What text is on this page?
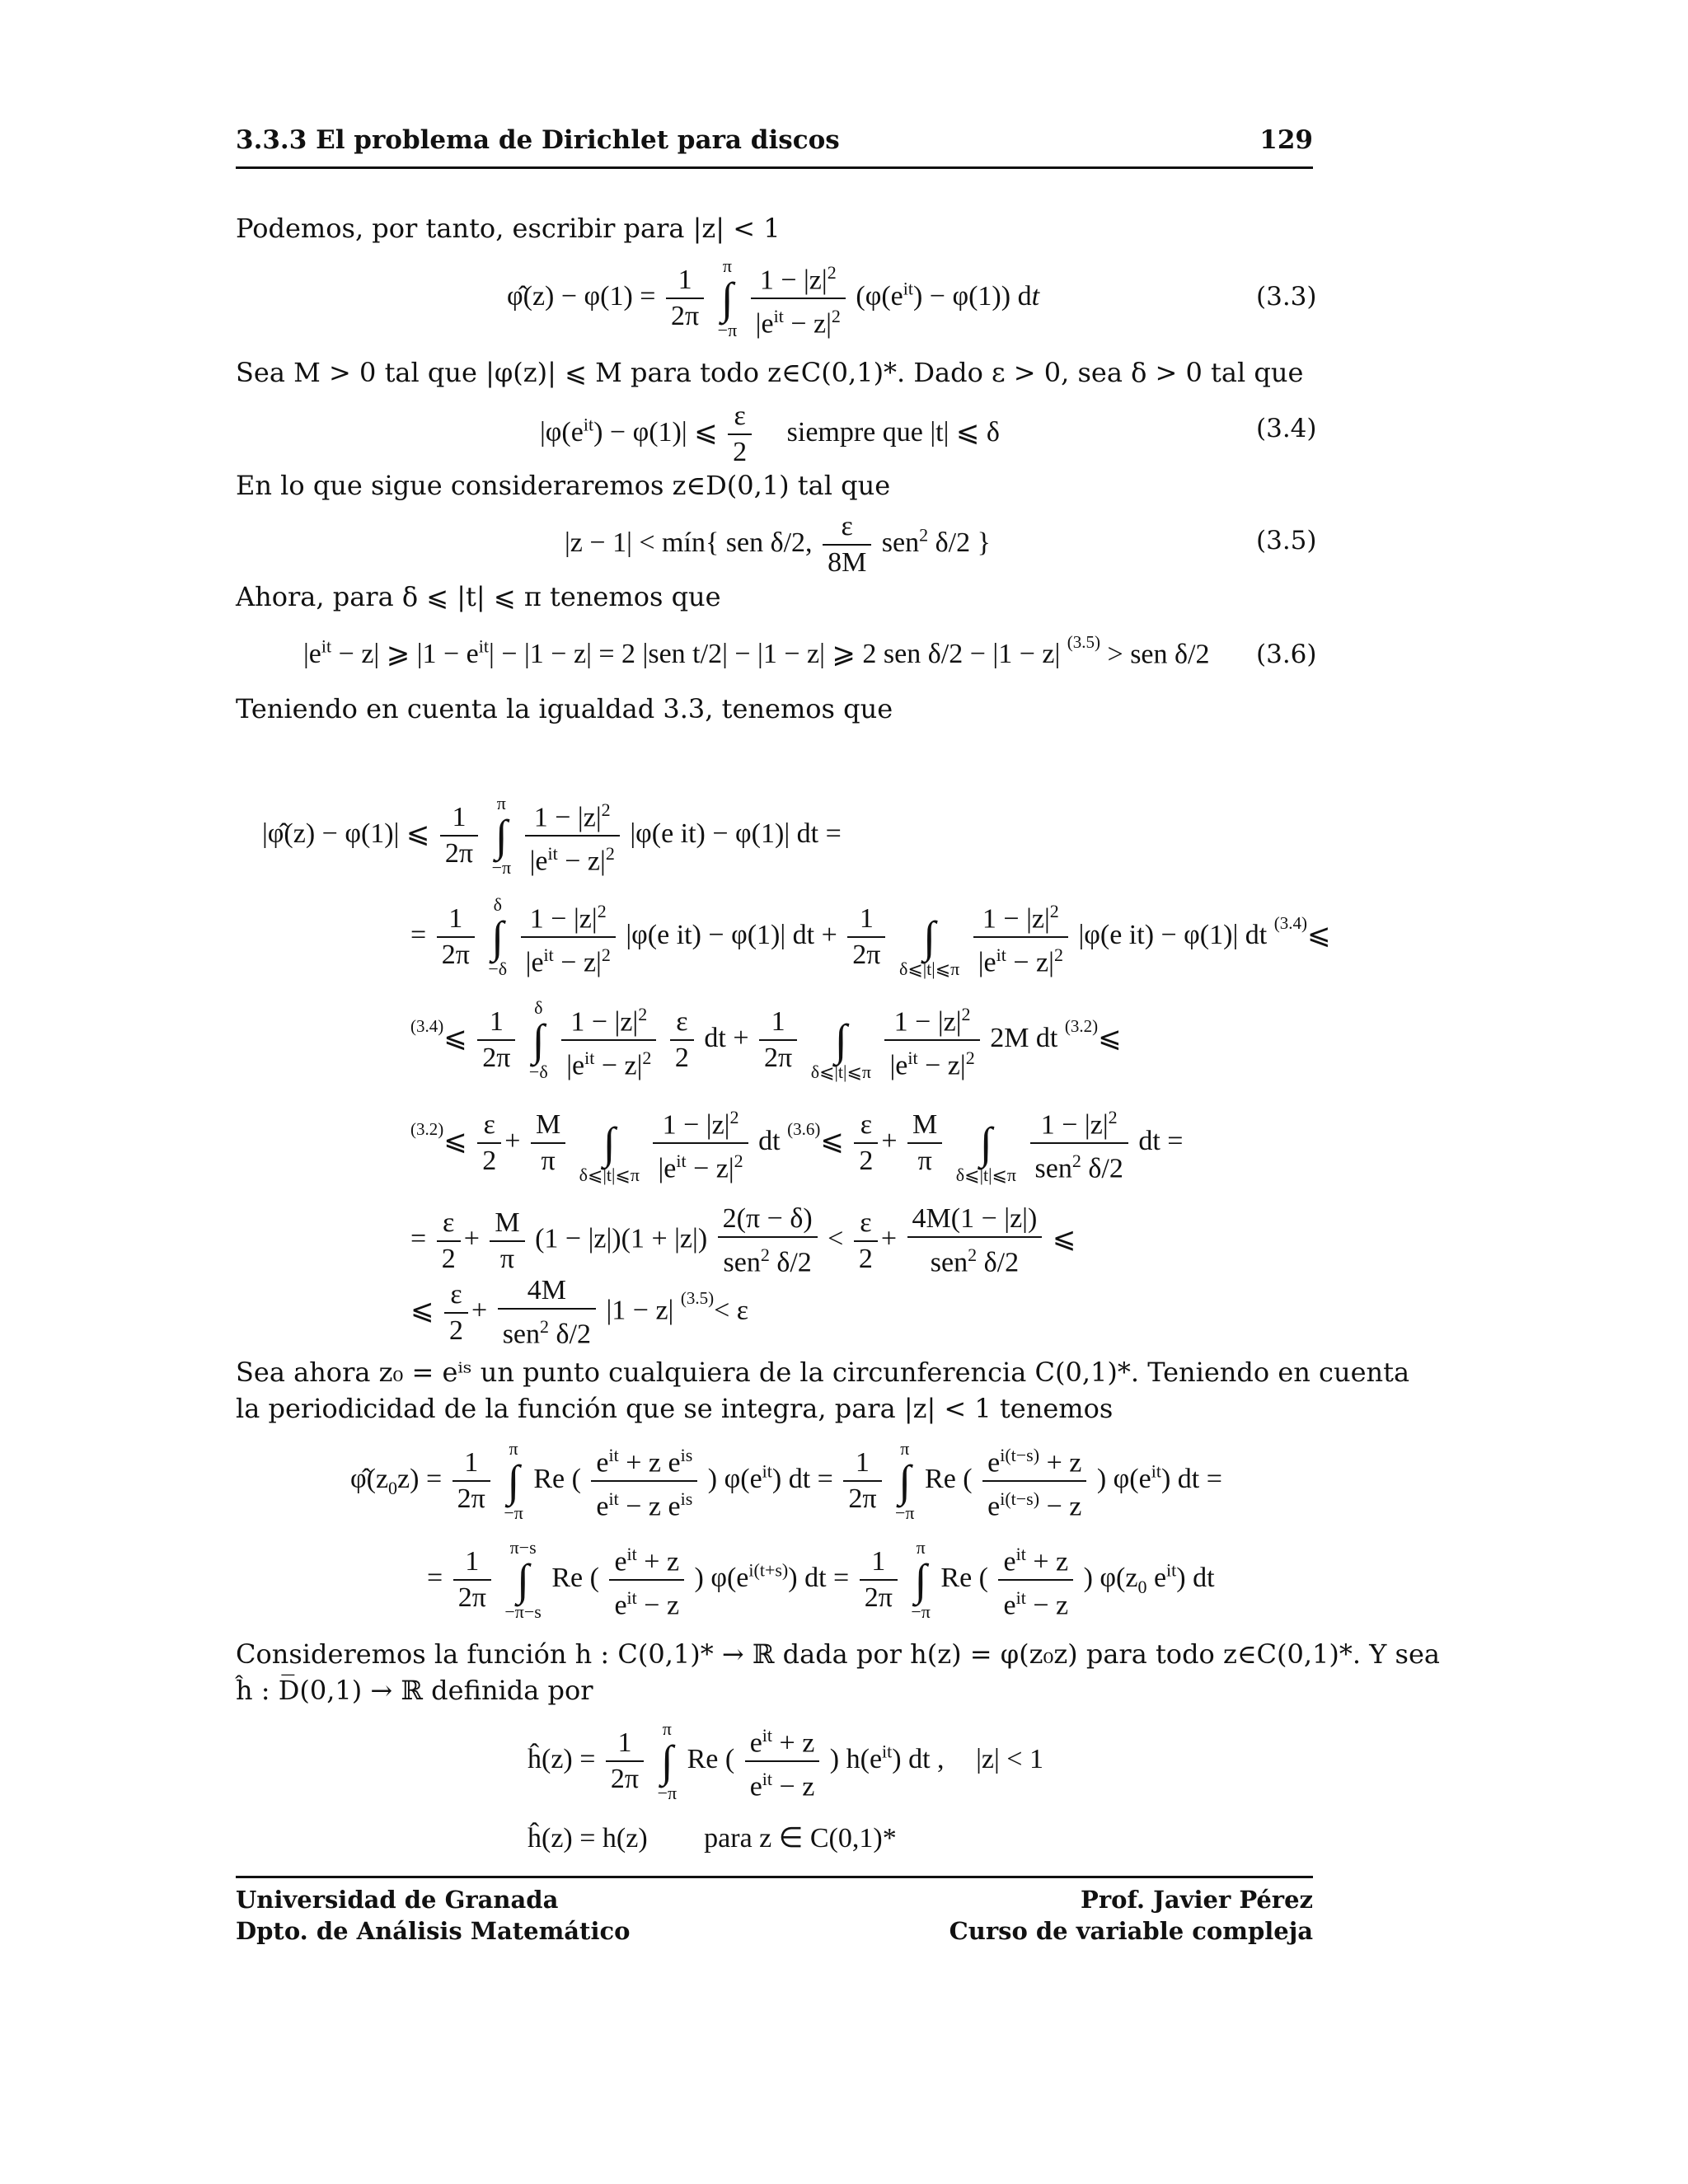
3.3.3 El problema de Dirichlet para discos	129
Podemos, por tanto, escribir para |z| < 1
φ̂(z) − $\varphi(1) = \frac{1}{2\pi}$
π
∫
−π
$\frac{1 - |z|^2}{|e^{it} - z|^2} (\varphi(e^{it}) - \varphi(1))$ dt	(3.3)
Sea M > 0 tal que |φ(z)| ⩽ M para todo z∈C(0,1)*. Dado ε > 0, sea δ > 0 tal que
$|\varphi(e^{it}) - \varphi(1)|$ ⩽ $\frac{\varepsilon}{2}$ siempre que |t| ⩽ δ	(3.4)
En lo que sigue consideraremos z∈D(0,1) tal que
|z − 1| < mín{ sen δ/2, $\frac{\varepsilon}{8M} sen^2$ δ/2 }	(3.5)
Ahora, para δ ⩽ |t| ⩽ π tenemos que
$|e^{it} - z|$ ⩾ $|1 - e^{it}| - |1 - z| = 2$ |sen t/2| − |1 − z| ⩾ 2 sen δ/2 − |1 − z| $^{(3.5)}$ > sen δ/2 (3.6)
Teniendo en cuenta la igualdad 3.3, tenemos que
|φ̂(z) − φ(1)| ⩽ $\frac{1}{2\pi}$
π
∫
−π
$\frac{1 - |z|^2}{|e^{it} - z|^2} |\varphi(e$ it) − φ(1)| dt =
= $\frac{1}{2\pi}$
δ
∫
−δ
$\frac{1 - |z|^2}{|e^{it} - z|^2} |\varphi(e$ it) − φ(1)| dt + $\frac{1}{2\pi}$

∫
δ⩽|t|⩽π
$\frac{1 - |z|^2}{|e^{it} - z|^2} |\varphi(e$ it) − φ(1)| dt $^{(3.4)}$⩽
$^{(3.4)}$⩽ $\frac{1}{2\pi}$
δ
∫
−δ
$\frac{1 - |z|^2}{|e^{it} - z|^2}$
$\frac{\varepsilon}{2}$ dt + $\frac{1}{2\pi}$

∫
δ⩽|t|⩽π
$\frac{1 - |z|^2}{|e^{it} - z|^2} 2M$ dt $^{(3.2)}$⩽
$^{(3.2)}$⩽ $\frac{\varepsilon}{2} + \frac{M}{\pi}$

∫
δ⩽|t|⩽π
$\frac{1 - |z|^2}{|e^{it} - z|^2}$ dt $^{(3.6)}$⩽ $\frac{\varepsilon}{2} + \frac{M}{\pi}$

∫
δ⩽|t|⩽π
$\frac{1 - |z|^2}{sen^2 \delta/2}$ dt =
= $\frac{\varepsilon}{2} + \frac{M}{\pi} (1 - |z|)(1 + |z|) \frac{2(\pi - \delta)}{sen^2 \delta/2} < \frac{\varepsilon}{2} + \frac{4M(1 - |z|)}{sen^2 \delta/2}$ ⩽
⩽ $\frac{\varepsilon}{2} + \frac{4M}{sen^2 \delta/2} |1 - z|$ $^{(3.5)}$< ε
Sea ahora z₀ = eⁱˢ un punto cualquiera de la circunferencia C(0,1)*. Teniendo en cuenta
la periodicidad de la función que se integra, para |z| < 1 tenemos
$\varphî(z_0z) = \frac{1}{2\pi}$
π
∫
−π
Re ( $\frac{e^{it} + z e^{is}}{e^{it} - z e^{is}}$ ) $\varphi(e^{it})$ dt = $\frac{1}{2\pi}$
π
∫
−π
Re ( $\frac{e^{i(t-s)} + z}{e^{i(t-s)} - z}$ ) $\varphi(e^{it})$ dt =
= $\frac{1}{2\pi}$
π−s
∫
−π−s
Re ( $\frac{e^{it} + z}{e^{it} - z}$ ) $\varphi(e^{i(t+s)})$ dt = $\frac{1}{2\pi}$
π
∫
−π
Re ( $\frac{e^{it} + z}{e^{it} - z}$ ) $\varphi(z_0$ $e^{it}$) dt
Consideremos la función h : C(0,1)* → ℝ dada por h(z) = φ(z₀z) para todo z∈C(0,1)*. Y sea
ĥ : D̅(0,1) → ℝ definida por
ĥ(z) = $\frac{1}{2\pi}$
π
∫
−π
Re ( $\frac{e^{it} + z}{e^{it} - z}$ ) $h(e^{it})$ dt , |z| < 1
ĥ(z) = h(z) para z ∈ C(0,1)*
Universidad de Granada
Dpto. de Análisis Matemático
Prof. Javier Pérez
Curso de variable compleja
